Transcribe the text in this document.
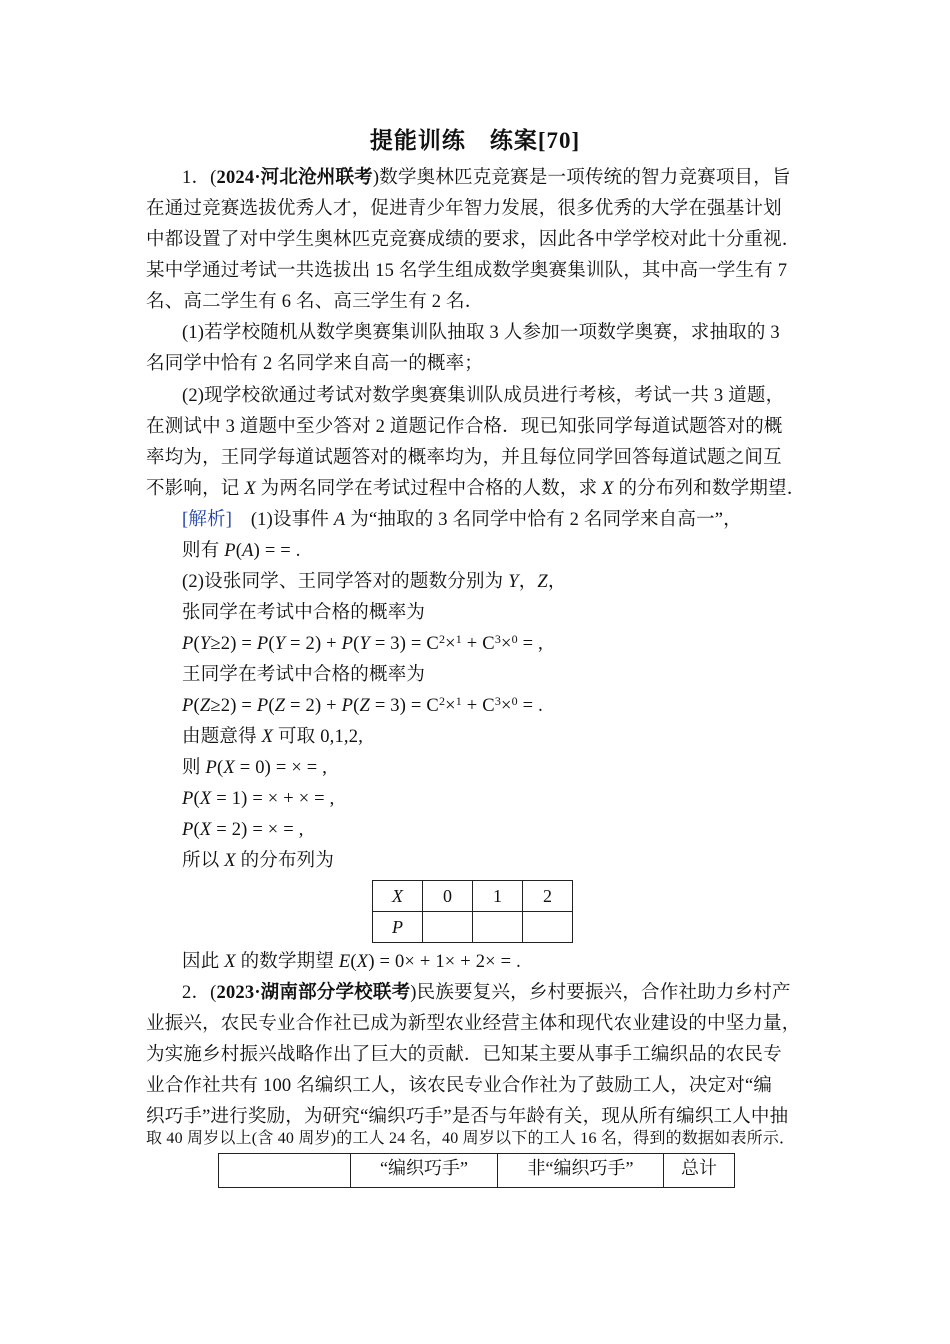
提能训练　练案[70]
1．(2024·河北沧州联考)数学奥林匹克竞赛是一项传统的智力竞赛项目，旨
在通过竞赛选拔优秀人才，促进青少年智力发展，很多优秀的大学在强基计划
中都设置了对中学生奥林匹克竞赛成绩的要求，因此各中学学校对此十分重视．
某中学通过考试一共选拔出 15 名学生组成数学奥赛集训队，其中高一学生有 7
名、高二学生有 6 名、高三学生有 2 名．
(1)若学校随机从数学奥赛集训队抽取 3 人参加一项数学奥赛，求抽取的 3
名同学中恰有 2 名同学来自高一的概率；
(2)现学校欲通过考试对数学奥赛集训队成员进行考核，考试一共 3 道题，
在测试中 3 道题中至少答对 2 道题记作合格．现已知张同学每道试题答对的概
率均为，王同学每道试题答对的概率均为，并且每位同学回答每道试题之间互
不影响，记 X 为两名同学在考试过程中合格的人数，求 X 的分布列和数学期望．
[解析]　(1)设事件 A 为“抽取的 3 名同学中恰有 2 名同学来自高一”，
则有 P(A) = = .
(2)设张同学、王同学答对的题数分别为 Y，Z，
张同学在考试中合格的概率为
$P(Y\ge 2) = P(Y = 2) + P(Y = 3) = C^2\times^1 + C^3\times^0$ = ,
王同学在考试中合格的概率为
$P(Z\ge 2) = P(Z = 2) + P(Z = 3) = C^2\times^1 + C^3\times^0$ = .
由题意得 X 可取 0,1,2,
则 P(X = 0) = × = ,
P(X = 1) = × + × = ,
P(X = 2) = × = ,
所以 X 的分布列为
X	0	1	2
P			
因此 X 的数学期望 E(X) = 0× + 1× + 2× = .
2．(2023·湖南部分学校联考)民族要复兴，乡村要振兴，合作社助力乡村产
业振兴，农民专业合作社已成为新型农业经营主体和现代农业建设的中坚力量，
为实施乡村振兴战略作出了巨大的贡献．已知某主要从事手工编织品的农民专
业合作社共有 100 名编织工人，该农民专业合作社为了鼓励工人，决定对“编
织巧手”进行奖励，为研究“编织巧手”是否与年龄有关，现从所有编织工人中抽
取 40 周岁以上(含 40 周岁)的工人 24 名，40 周岁以下的工人 16 名，得到的数据如表所示．
	“编织巧手”	非“编织巧手”	总计
